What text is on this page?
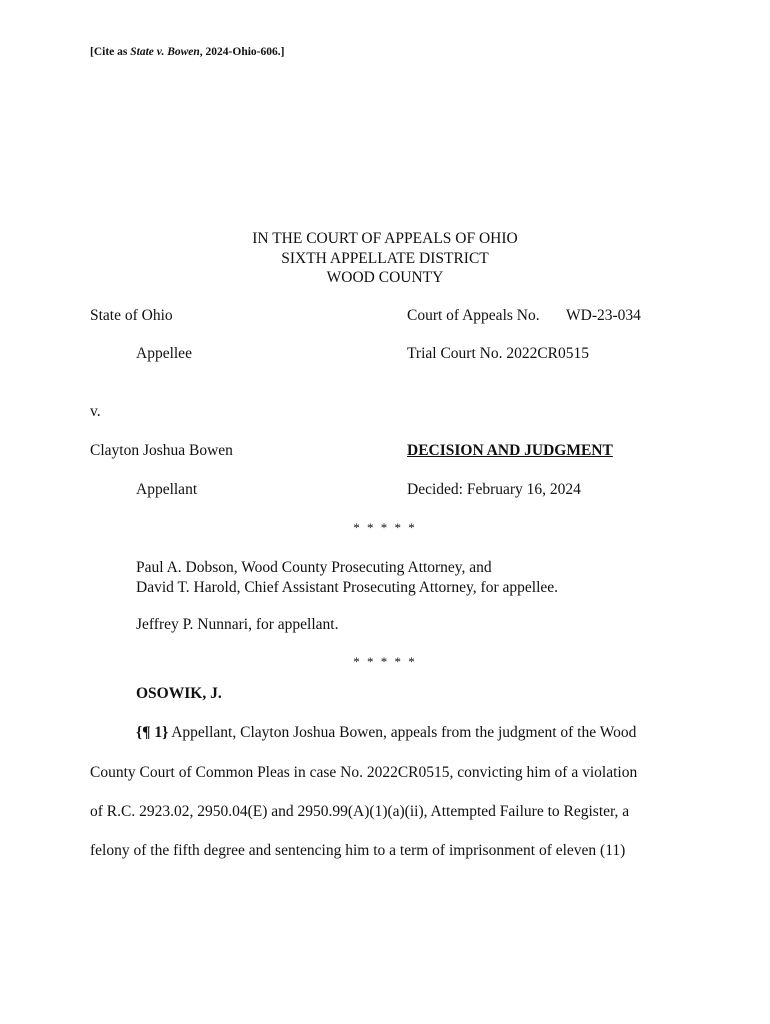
[Cite as State v. Bowen, 2024-Ohio-606.]
IN THE COURT OF APPEALS OF OHIO
SIXTH APPELLATE DISTRICT
WOOD COUNTY
State of Ohio
Appellee
v.
Clayton Joshua Bowen
Appellant
Court of Appeals No. WD-23-034
Trial Court No. 2022CR0515
DECISION AND JUDGMENT
Decided: February 16, 2024
* * * * *
Paul A. Dobson, Wood County Prosecuting Attorney, and
David T. Harold, Chief Assistant Prosecuting Attorney, for appellee.
Jeffrey P. Nunnari, for appellant.
* * * * *
OSOWIK, J.
{¶ 1} Appellant, Clayton Joshua Bowen, appeals from the judgment of the Wood
County Court of Common Pleas in case No. 2022CR0515, convicting him of a violation
of R.C. 2923.02, 2950.04(E) and 2950.99(A)(1)(a)(ii), Attempted Failure to Register, a
felony of the fifth degree and sentencing him to a term of imprisonment of eleven (11)
